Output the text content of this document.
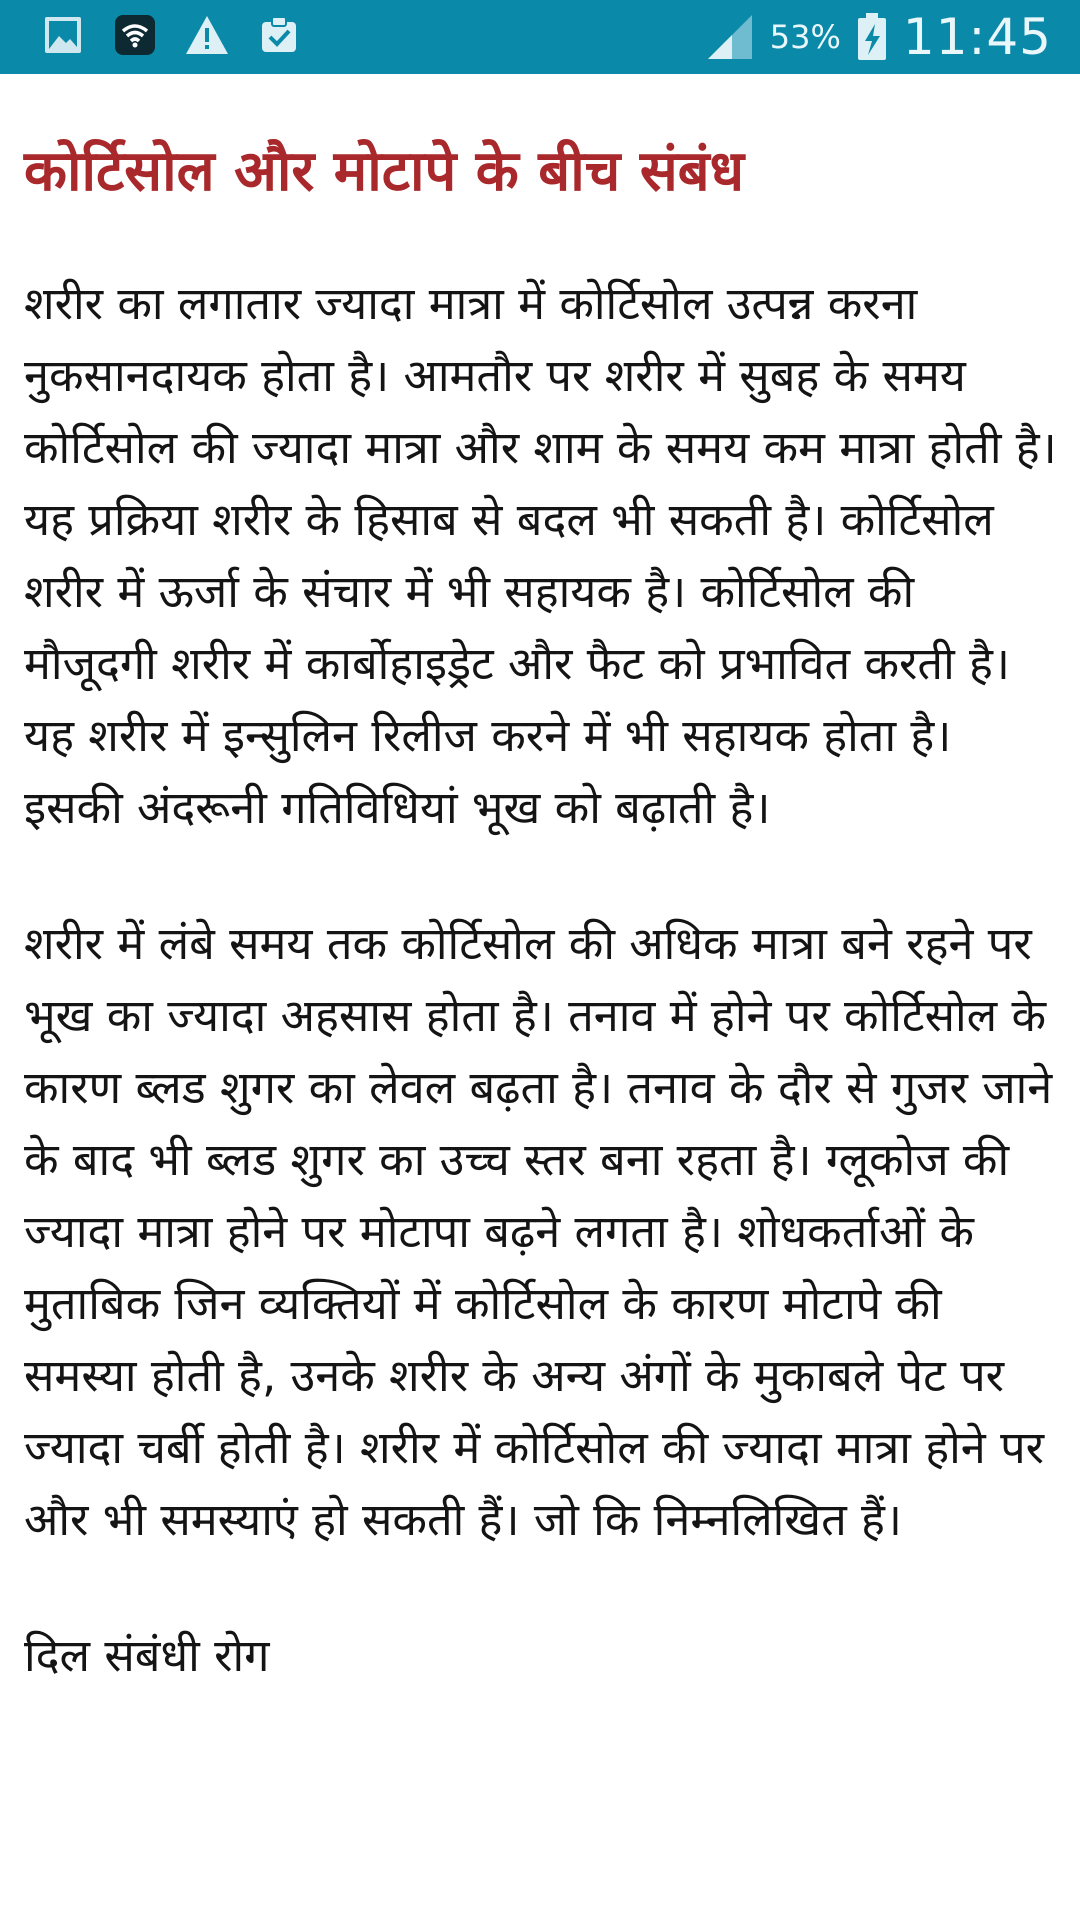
53% 11:45
कोर्टिसोल और मोटापे के बीच संबंध

शरीर का लगातार ज्यादा मात्रा में कोर्टिसोल उत्पन्न करना नुकसानदायक होता है। आमतौर पर शरीर में सुबह के समय कोर्टिसोल की ज्यादा मात्रा और शाम के समय कम मात्रा होती है। यह प्रक्रिया शरीर के हिसाब से बदल भी सकती है। कोर्टिसोल शरीर में ऊर्जा के संचार में भी सहायक है। कोर्टिसोल की मौजूदगी शरीर में कार्बोहाइड्रेट और फैट को प्रभावित करती है। यह शरीर में इन्सुलिन रिलीज करने में भी सहायक होता है। इसकी अंदरूनी गतिविधियां भूख को बढ़ाती है।

शरीर में लंबे समय तक कोर्टिसोल की अधिक मात्रा बने रहने पर भूख का ज्यादा अहसास होता है। तनाव में होने पर कोर्टिसोल के कारण ब्लड शुगर का लेवल बढ़ता है। तनाव के दौर से गुजर जाने के बाद भी ब्लड शुगर का उच्च स्तर बना रहता है। ग्लूकोज की ज्यादा मात्रा होने पर मोटापा बढ़ने लगता है। शोधकर्ताओं के मुताबिक जिन व्यक्तियों में कोर्टिसोल के कारण मोटापे की समस्या होती है, उनके शरीर के अन्य अंगों के मुकाबले पेट पर ज्यादा चर्बी होती है। शरीर में कोर्टिसोल की ज्यादा मात्रा होने पर और भी समस्याएं हो सकती हैं। जो कि निम्नलिखित हैं।

दिल संबंधी रोग
